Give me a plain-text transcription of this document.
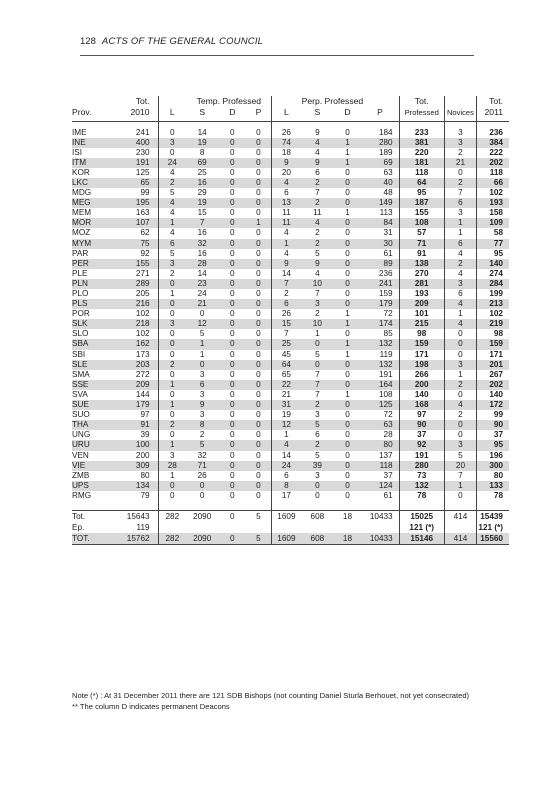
128 ACTS OF THE GENERAL COUNCIL
	Tot.	Temp. Professed				Perp. Professed				Tot.		Tot.
Prov.	2010	L	S	D	P	L	S	D	P	Professed	Novices	2011

IME	241	0	14	0	0	26	9	0	184	233	3	236
INE	400	3	19	0	0	74	4	1	280	381	3	384
ISI	230	0	8	0	0	18	4	1	189	220	2	222
ITM	191	24	69	0	0	9	9	1	69	181	21	202
KOR	125	4	25	0	0	20	6	0	63	118	0	118
LKC	65	2	16	0	0	4	2	0	40	64	2	66
MDG	99	5	29	0	0	6	7	0	48	95	7	102
MEG	195	4	19	0	0	13	2	0	149	187	6	193
MEM	163	4	15	0	0	11	11	1	113	155	3	158
MOR	107	1	7	0	1	11	4	0	84	108	1	109
MOZ	62	4	16	0	0	4	2	0	31	57	1	58
MYM	75	6	32	0	0	1	2	0	30	71	6	77
PAR	92	5	16	0	0	4	5	0	61	91	4	95
PER	155	3	28	0	0	9	9	0	89	138	2	140
PLE	271	2	14	0	0	14	4	0	236	270	4	274
PLN	289	0	23	0	0	7	10	0	241	281	3	284
PLO	205	1	24	0	0	2	7	0	159	193	6	199
PLS	216	0	21	0	0	6	3	0	179	209	4	213
POR	102	0	0	0	0	26	2	1	72	101	1	102
SLK	218	3	12	0	0	15	10	1	174	215	4	219
SLO	102	0	5	0	0	7	1	0	85	98	0	98
SBA	162	0	1	0	0	25	0	1	132	159	0	159
SBI	173	0	1	0	0	45	5	1	119	171	0	171
SLE	203	2	0	0	0	64	0	0	132	198	3	201
SMA	272	0	3	0	0	65	7	0	191	266	1	267
SSE	209	1	6	0	0	22	7	0	164	200	2	202
SVA	144	0	3	0	0	21	7	1	108	140	0	140
SUE	179	1	9	0	0	31	2	0	125	168	4	172
SUO	97	0	3	0	0	19	3	0	72	97	2	99
THA	91	2	8	0	0	12	5	0	63	90	0	90
UNG	39	0	2	0	0	1	6	0	28	37	0	37
URU	100	1	5	0	0	4	2	0	80	92	3	95
VEN	200	3	32	0	0	14	5	0	137	191	5	196
VIE	309	28	71	0	0	24	39	0	118	280	20	300
ZMB	80	1	26	0	0	6	3	0	37	73	7	80
UPS	134	0	0	0	0	8	0	0	124	132	1	133
RMG	79	0	0	0	0	17	0	0	61	78	0	78

Tot.	15643	282	2090	0	5	1609	608	18	10433	15025	414	15439
Ep.	119									121 (*)		121 (*)
TOT.	15762	282	2090	0	5	1609	608	18	10433	15146	414	15560
Note (*) : At 31 December 2011 there are 121 SDB Bishops (not counting Daniel Sturla Berhouet, not yet consecrated)
** The column D indicates permanent Deacons
